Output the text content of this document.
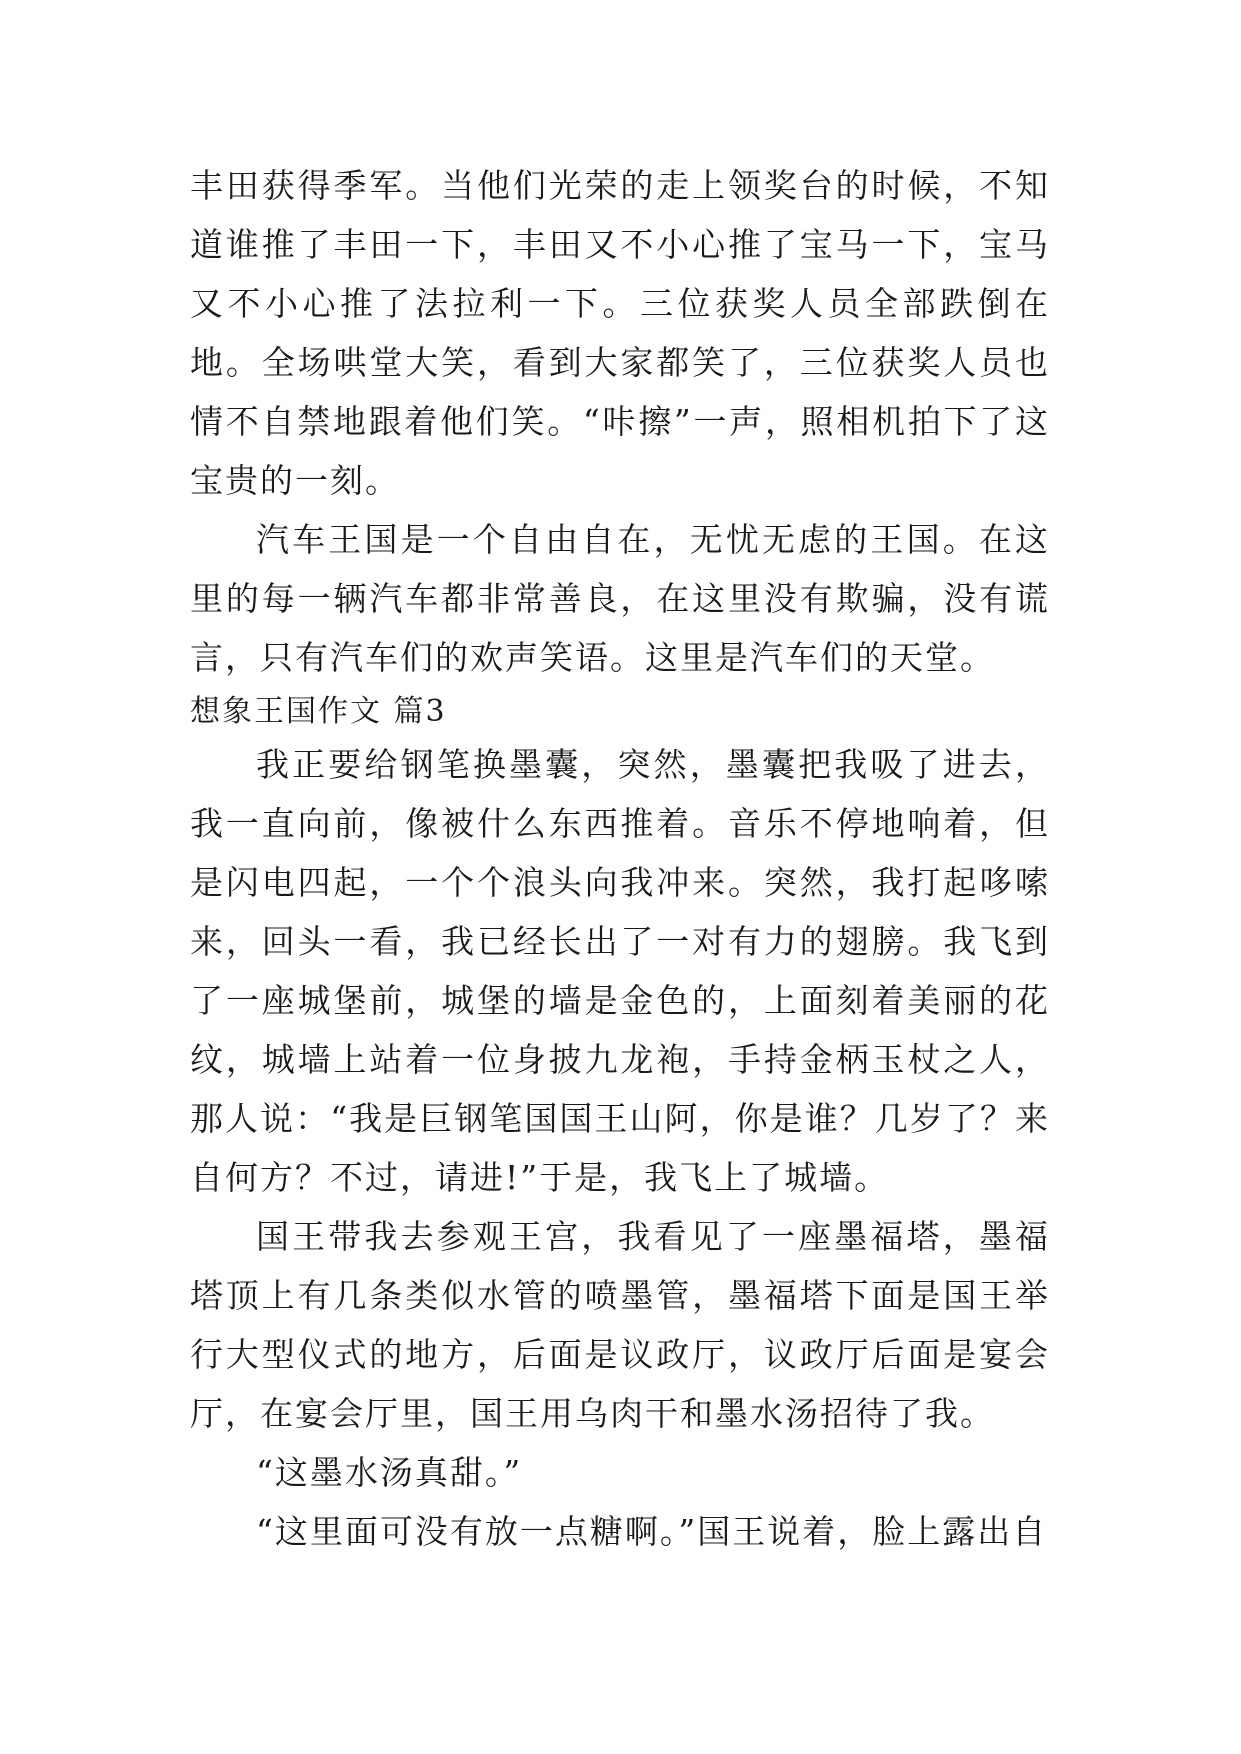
丰田获得季军。当他们光荣的走上领奖台的时候，不知道谁推了丰田一下，丰田又不小心推了宝马一下，宝马又不小心推了法拉利一下。三位获奖人员全部跌倒在地。全场哄堂大笑，看到大家都笑了，三位获奖人员也情不自禁地跟着他们笑。“咔擦”一声，照相机拍下了这宝贵的一刻。

汽车王国是一个自由自在，无忧无虑的王国。在这里的每一辆汽车都非常善良，在这里没有欺骗，没有谎言，只有汽车们的欢声笑语。这里是汽车们的天堂。

想象王国作文 篇3

我正要给钢笔换墨囊，突然，墨囊把我吸了进去，我一直向前，像被什么东西推着。音乐不停地响着，但是闪电四起，一个个浪头向我冲来。突然，我打起哆嗦来，回头一看，我已经长出了一对有力的翅膀。我飞到了一座城堡前，城堡的墙是金色的，上面刻着美丽的花纹，城墙上站着一位身披九龙袍，手持金柄玉杖之人，那人说：“我是巨钢笔国国王山阿，你是谁？几岁了？来自何方？不过，请进!”于是，我飞上了城墙。

国王带我去参观王宫，我看见了一座墨福塔，墨福塔顶上有几条类似水管的喷墨管，墨福塔下面是国王举行大型仪式的地方，后面是议政厅，议政厅后面是宴会厅，在宴会厅里，国王用乌肉干和墨水汤招待了我。

“这墨水汤真甜。”

“这里面可没有放一点糖啊。”国王说着，脸上露出自
